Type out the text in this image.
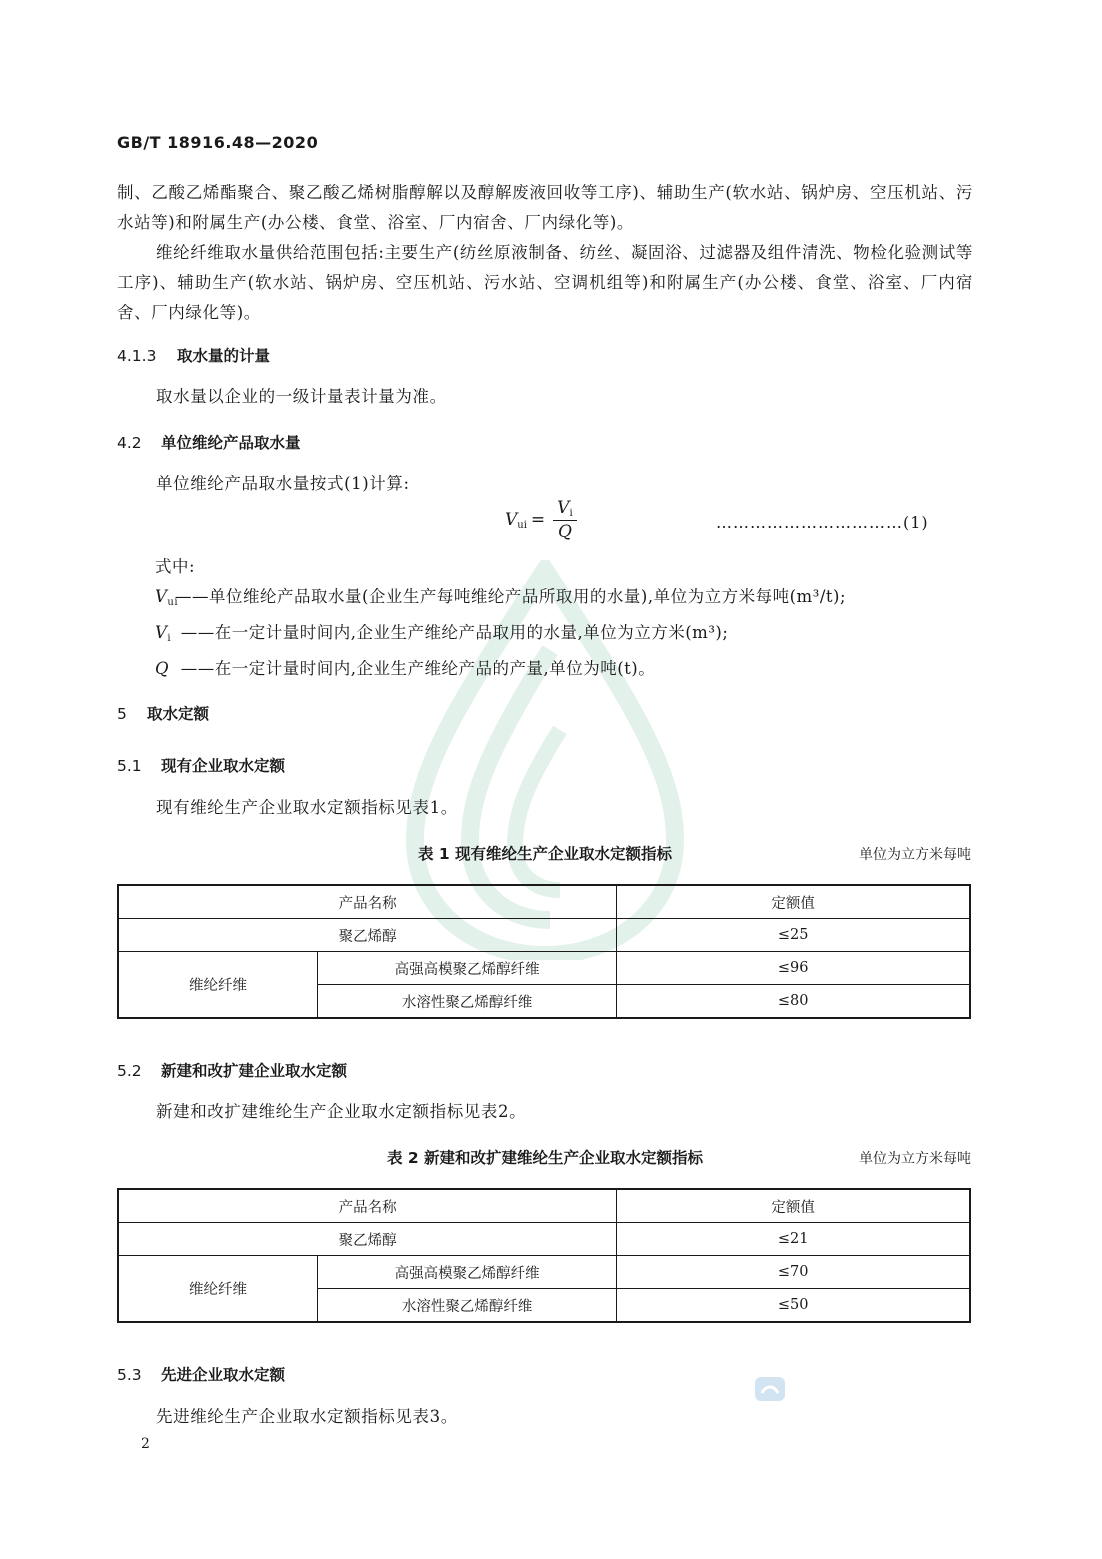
GB/T 18916.48—2020
制、乙酸乙烯酯聚合、聚乙酸乙烯树脂醇解以及醇解废液回收等工序)、辅助生产(软水站、锅炉房、空压机站、污水站等)和附属生产(办公楼、食堂、浴室、厂内宿舍、厂内绿化等)。
维纶纤维取水量供给范围包括:主要生产(纺丝原液制备、纺丝、凝固浴、过滤器及组件清洗、物检化验测试等工序)、辅助生产(软水站、锅炉房、空压机站、污水站、空调机组等)和附属生产(办公楼、食堂、浴室、厂内宿舍、厂内绿化等)。
4.1.3 取水量的计量
取水量以企业的一级计量表计量为准。
4.2 单位维纶产品取水量
单位维纶产品取水量按式(1)计算:
$V_{ui} = \frac{V_i}{Q}$	……………………………(1)
式中:
$V_{ui}——$单位维纶产品取水量(企业生产每吨维纶产品所取用的水量),单位为立方米每吨(m³/t);
$V_i$ ——在一定计量时间内,企业生产维纶产品取用的水量,单位为立方米(m³);
Q ——在一定计量时间内,企业生产维纶产品的产量,单位为吨(t)。
5 取水定额
5.1 现有企业取水定额
现有维纶生产企业取水定额指标见表1。
表 1 现有维纶生产企业取水定额指标	单位为立方米每吨
产品名称		定额值
聚乙烯醇		≤25
维纶纤维	高强高模聚乙烯醇纤维	≤96
	水溶性聚乙烯醇纤维	≤80
5.2 新建和改扩建企业取水定额
新建和改扩建维纶生产企业取水定额指标见表2。
表 2 新建和改扩建维纶生产企业取水定额指标	单位为立方米每吨
产品名称		定额值
聚乙烯醇		≤21
维纶纤维	高强高模聚乙烯醇纤维	≤70
	水溶性聚乙烯醇纤维	≤50
5.3 先进企业取水定额
先进维纶生产企业取水定额指标见表3。
2
